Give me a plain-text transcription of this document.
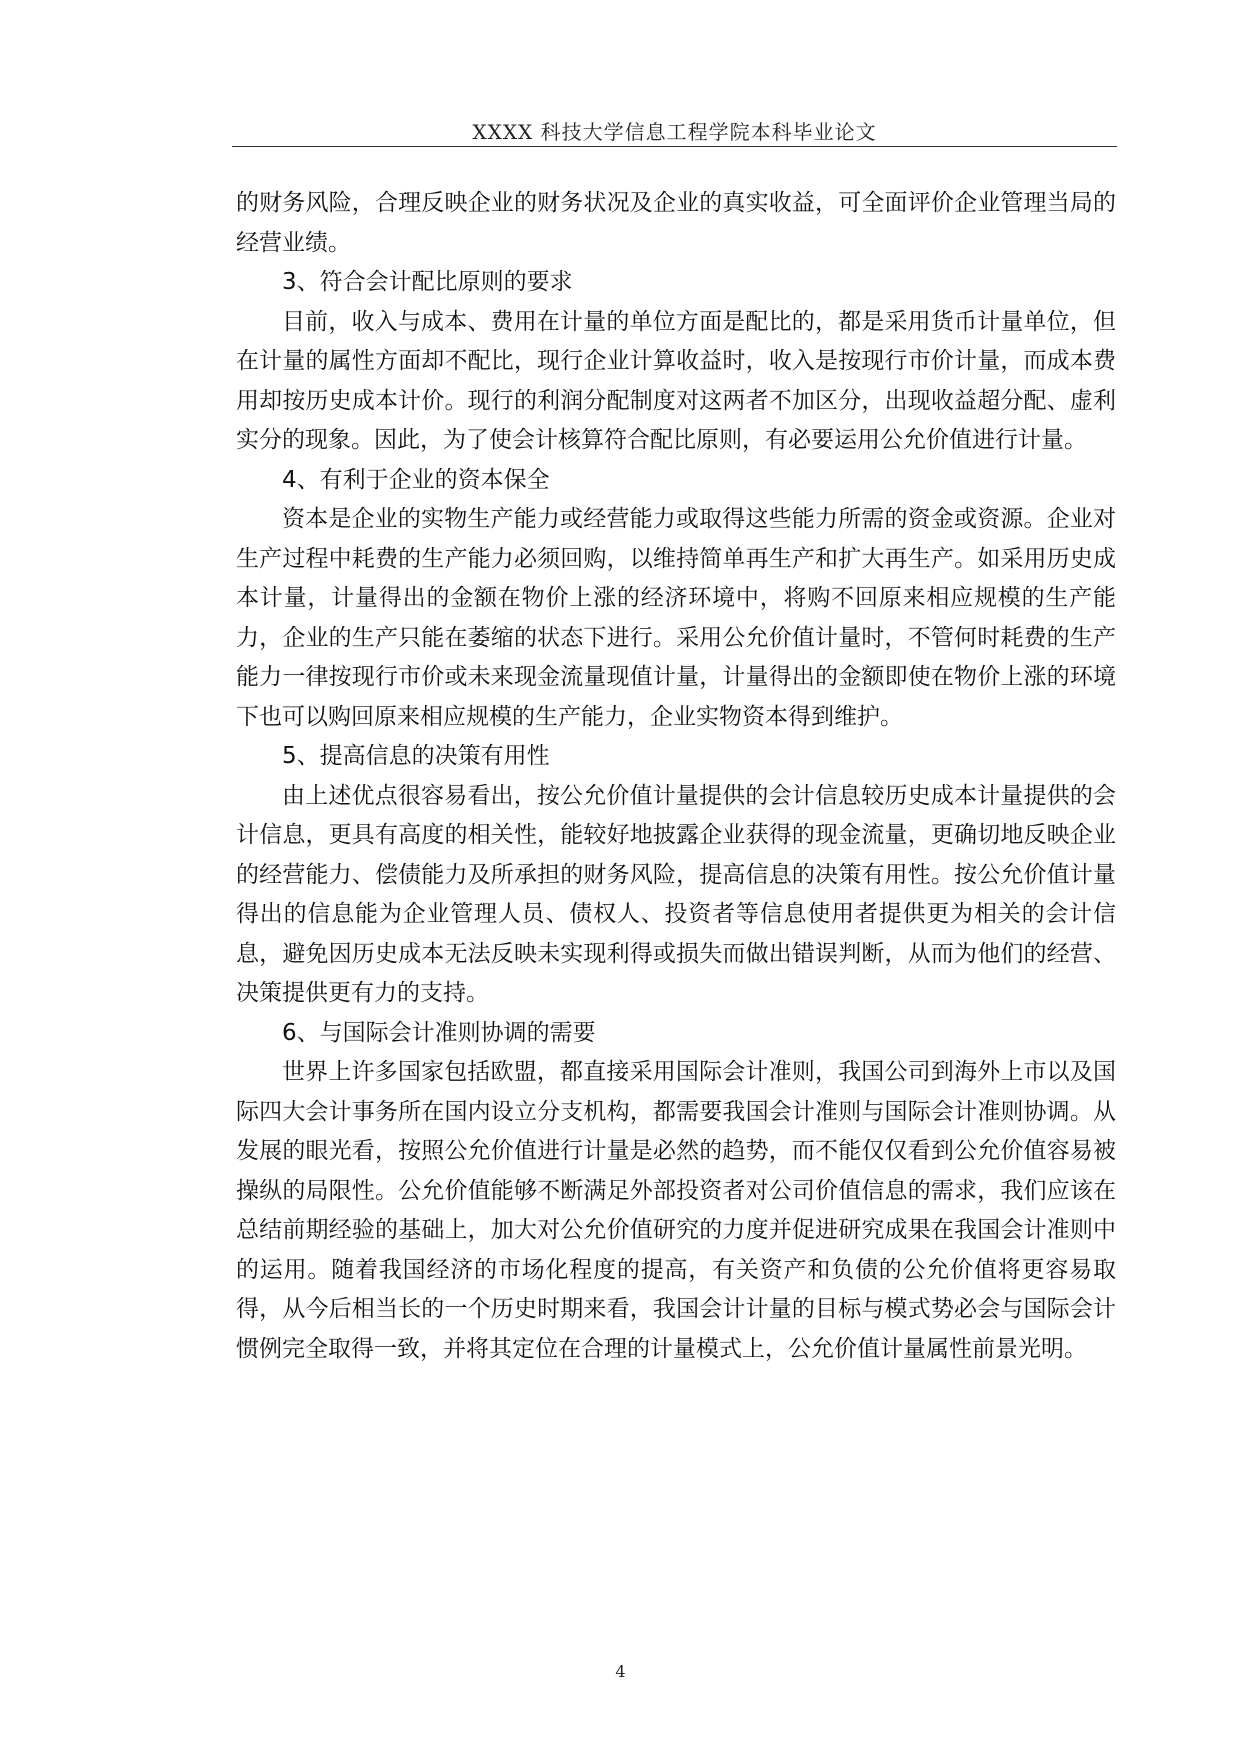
XXXX 科技大学信息工程学院本科毕业论文

的财务风险，合理反映企业的财务状况及企业的真实收益，可全面评价企业管理当局的经营业绩。

3、符合会计配比原则的要求

目前，收入与成本、费用在计量的单位方面是配比的，都是采用货币计量单位，但在计量的属性方面却不配比，现行企业计算收益时，收入是按现行市价计量，而成本费用却按历史成本计价。现行的利润分配制度对这两者不加区分，出现收益超分配、虚利实分的现象。因此，为了使会计核算符合配比原则，有必要运用公允价值进行计量。

4、有利于企业的资本保全

资本是企业的实物生产能力或经营能力或取得这些能力所需的资金或资源。企业对生产过程中耗费的生产能力必须回购，以维持简单再生产和扩大再生产。如采用历史成本计量，计量得出的金额在物价上涨的经济环境中，将购不回原来相应规模的生产能力，企业的生产只能在萎缩的状态下进行。采用公允价值计量时，不管何时耗费的生产能力一律按现行市价或未来现金流量现值计量，计量得出的金额即使在物价上涨的环境下也可以购回原来相应规模的生产能力，企业实物资本得到维护。

5、提高信息的决策有用性

由上述优点很容易看出，按公允价值计量提供的会计信息较历史成本计量提供的会计信息，更具有高度的相关性，能较好地披露企业获得的现金流量，更确切地反映企业的经营能力、偿债能力及所承担的财务风险，提高信息的决策有用性。按公允价值计量得出的信息能为企业管理人员、债权人、投资者等信息使用者提供更为相关的会计信息，避免因历史成本无法反映未实现利得或损失而做出错误判断，从而为他们的经营、决策提供更有力的支持。

6、与国际会计准则协调的需要

世界上许多国家包括欧盟，都直接采用国际会计准则，我国公司到海外上市以及国际四大会计事务所在国内设立分支机构，都需要我国会计准则与国际会计准则协调。从发展的眼光看，按照公允价值进行计量是必然的趋势，而不能仅仅看到公允价值容易被操纵的局限性。公允价值能够不断满足外部投资者对公司价值信息的需求，我们应该在总结前期经验的基础上，加大对公允价值研究的力度并促进研究成果在我国会计准则中的运用。随着我国经济的市场化程度的提高，有关资产和负债的公允价值将更容易取得，从今后相当长的一个历史时期来看，我国会计计量的目标与模式势必会与国际会计惯例完全取得一致，并将其定位在合理的计量模式上，公允价值计量属性前景光明。

4
